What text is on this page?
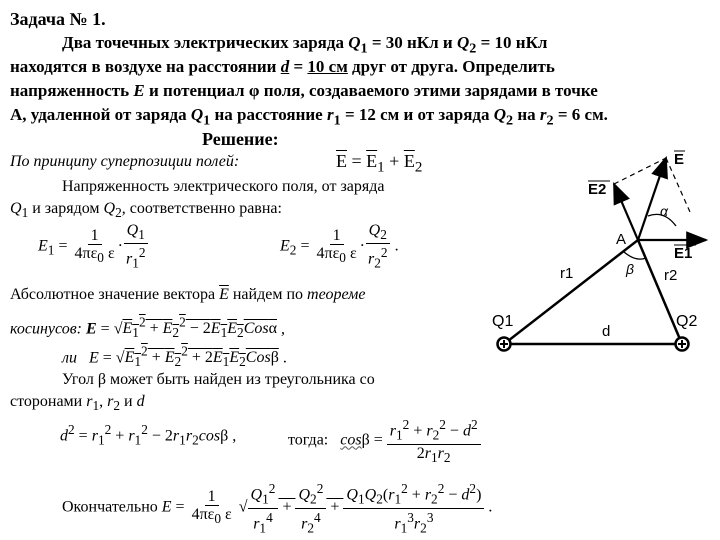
Задача № 1.
Два точечных электрических заряда $Q_1 = 30$ нКл и $Q_2 = 10$ нКл
находятся в воздухе на расстоянии d = 10 см друг от друга. Определить
напряженность E и потенциал φ поля, создаваемого этими зарядами в точке
А, удаленной от заряда $Q_1$ на расстояние $r_1 = 12$ см и от заряда $Q_2$ на $r_2 = 6$ см.
Решение:
По принципу суперпозиции полей:	$\overline{E} = \overline{E}_1 + \overline{E}_2$
Напряженность электрического поля, от заряда
$Q_1$ и зарядом $Q_2$, соответственно равна:
$E_1 = \frac{1}{4\pi\varepsilon_0 \varepsilon} \cdot \frac{Q_1}{r_1^2}$	$E_2 = \frac{1}{4\pi\varepsilon_0 \varepsilon} \cdot \frac{Q_2}{r_2^2}$ .
Абсолютное значение вектора $\overline{E}$ найдем по теореме
косинусов: $E = √E_1^2 + E_2^2 - 2E_1E_2Cos\alpha$ ,
ли $E = √E_1^2 + E_2^2 + 2E_1E_2Cos\beta$ .
Угол β может быть найден из треугольника со
сторонами $r_1$, $r_2$ и d
$d^2 = r_1^2 + r_1^2 - 2r_1r_2\cos\beta$ ,	тогда:   $\cos\beta = \frac{r_1^2 + r_2^2 - d^2}{2r_1r_2}$
Окончательно $E = \frac{1}{4\pi\varepsilon_0 \varepsilon}$ √ $\frac{Q_1^2}{r_1^4} + \frac{Q_2^2}{r_2^4} + \frac{Q_1Q_2(r_1^2 + r_2^2 - d^2)}{r_1^3r_2^3}$ .
E
E2
E1
A
α
β
r1	r2
Q1	Q2
d
